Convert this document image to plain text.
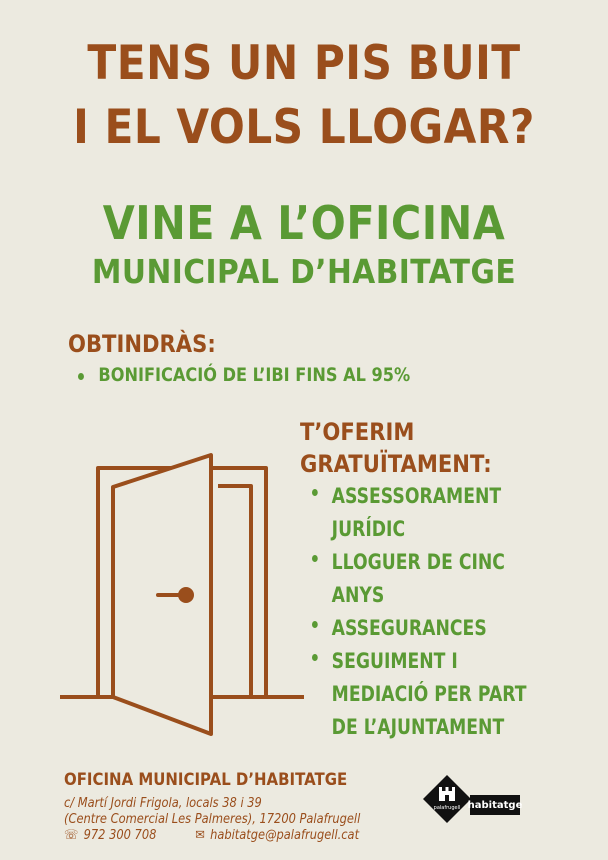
TENS UN PIS BUIT
I EL VOLS LLOGAR?
VINE A L’OFICINA
MUNICIPAL D’HABITATGE
OBTINDRÀS:
BONIFICACIÓ DE L’IBI FINS AL 95%
T’OFERIM
GRATUÏTAMENT:
ASSESSORAMENT
JURÍDIC
LLOGUER DE CINC
ANYS
ASSEGURANCES
SEGUIMENT I
MEDIACIÓ PER PART
DE L’AJUNTAMENT
OFICINA MUNICIPAL D’HABITATGE
c/ Martí Jordi Frigola, locals 38 i 39
(Centre Comercial Les Palmeres), 17200 Palafrugell
☏ 972 300 708	✉ habitatge@palafrugell.cat
palafrugell habitatge
